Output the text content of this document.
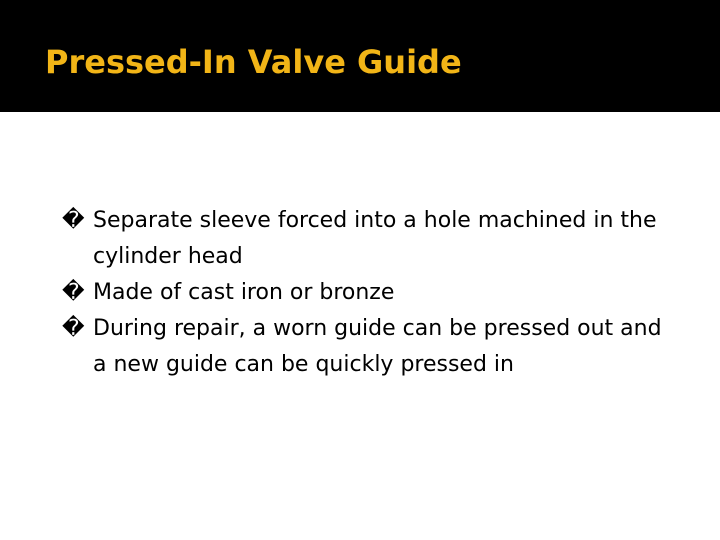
Pressed-In Valve Guide
� Separate sleeve forced into a hole machined in the cylinder head
� Made of cast iron or bronze
� During repair, a worn guide can be pressed out and a new guide can be quickly pressed in
